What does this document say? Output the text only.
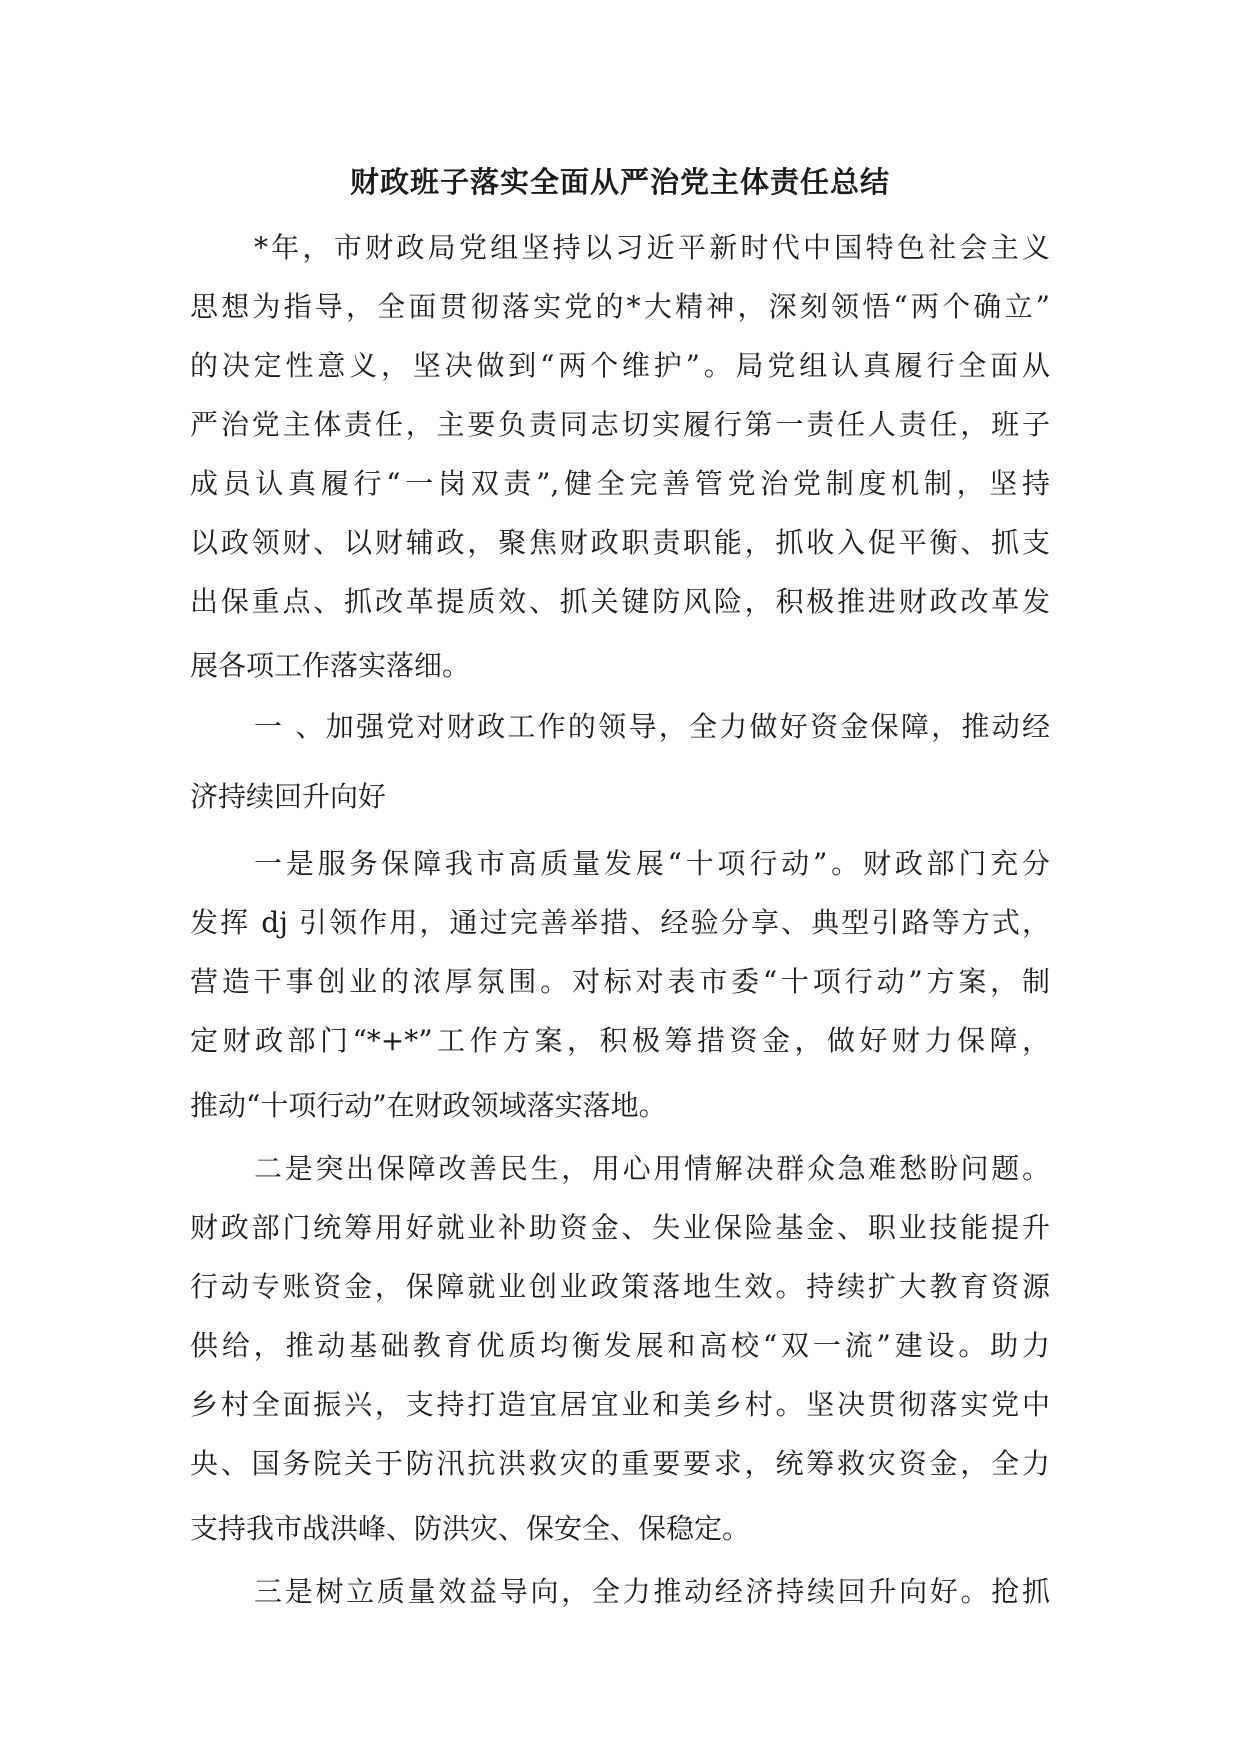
财政班子落实全面从严治党主体责任总结

*年，市财政局党组坚持以习近平新时代中国特色社会主义

思想为指导，全面贯彻落实党的*大精神，深刻领悟“两个确立”

的决定性意义，坚决做到“两个维护”。局党组认真履行全面从

严治党主体责任，主要负责同志切实履行第一责任人责任，班子

成员认真履行“一岗双责”,健全完善管党治党制度机制，坚持

以政领财、以财辅政，聚焦财政职责职能，抓收入促平衡、抓支

出保重点、抓改革提质效、抓关键防风险，积极推进财政改革发

展各项工作落实落细。

一 、加强党对财政工作的领导，全力做好资金保障，推动经

济持续回升向好

一是服务保障我市高质量发展“十项行动”。财政部门充分

发挥 dj 引领作用，通过完善举措、经验分享、典型引路等方式，

营造干事创业的浓厚氛围。对标对表市委“十项行动”方案，制

定财政部门“*+*”工作方案，积极筹措资金，做好财力保障，

推动“十项行动”在财政领域落实落地。

二是突出保障改善民生，用心用情解决群众急难愁盼问题。

财政部门统筹用好就业补助资金、失业保险基金、职业技能提升

行动专账资金，保障就业创业政策落地生效。持续扩大教育资源

供给，推动基础教育优质均衡发展和高校“双一流”建设。助力

乡村全面振兴，支持打造宜居宜业和美乡村。坚决贯彻落实党中

央、国务院关于防汛抗洪救灾的重要要求，统筹救灾资金，全力

支持我市战洪峰、防洪灾、保安全、保稳定。

三是树立质量效益导向，全力推动经济持续回升向好。抢抓
